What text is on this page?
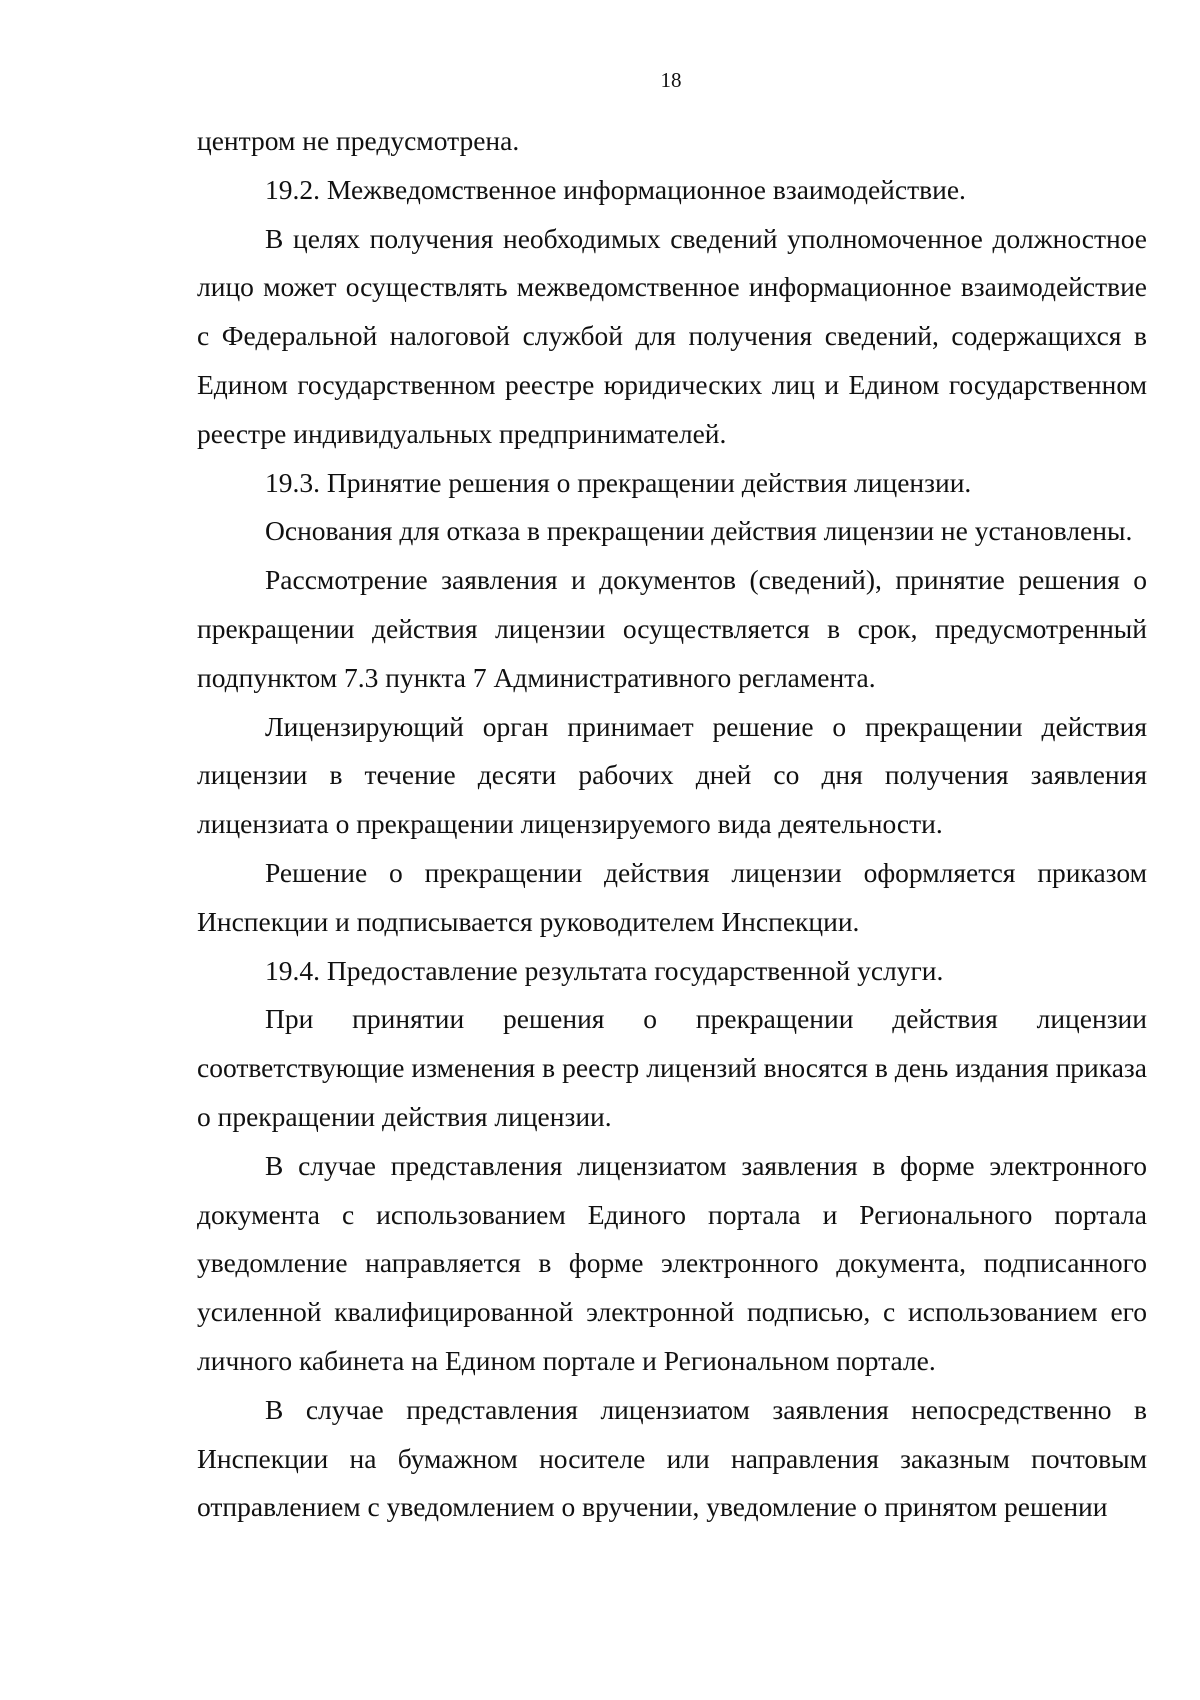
18

центром не предусмотрена.

19.2. Межведомственное информационное взаимодействие.

В целях получения необходимых сведений уполномоченное должностное лицо может осуществлять межведомственное информационное взаимодействие с Федеральной налоговой службой для получения сведений, содержащихся в Едином государственном реестре юридических лиц и Едином государственном реестре индивидуальных предпринимателей.

19.3. Принятие решения о прекращении действия лицензии.

Основания для отказа в прекращении действия лицензии не установлены.

Рассмотрение заявления и документов (сведений), принятие решения о прекращении действия лицензии осуществляется в срок, предусмотренный подпунктом 7.3 пункта 7 Административного регламента.

Лицензирующий орган принимает решение о прекращении действия лицензии в течение десяти рабочих дней со дня получения заявления лицензиата о прекращении лицензируемого вида деятельности.

Решение о прекращении действия лицензии оформляется приказом Инспекции и подписывается руководителем Инспекции.

19.4. Предоставление результата государственной услуги.

При принятии решения о прекращении действия лицензии соответствующие изменения в реестр лицензий вносятся в день издания приказа о прекращении действия лицензии.

В случае представления лицензиатом заявления в форме электронного документа с использованием Единого портала и Регионального портала уведомление направляется в форме электронного документа, подписанного усиленной квалифицированной электронной подписью, с использованием его личного кабинета на Едином портале и Региональном портале.

В случае представления лицензиатом заявления непосредственно в Инспекции на бумажном носителе или направления заказным почтовым отправлением с уведомлением о вручении, уведомление о принятом решении
